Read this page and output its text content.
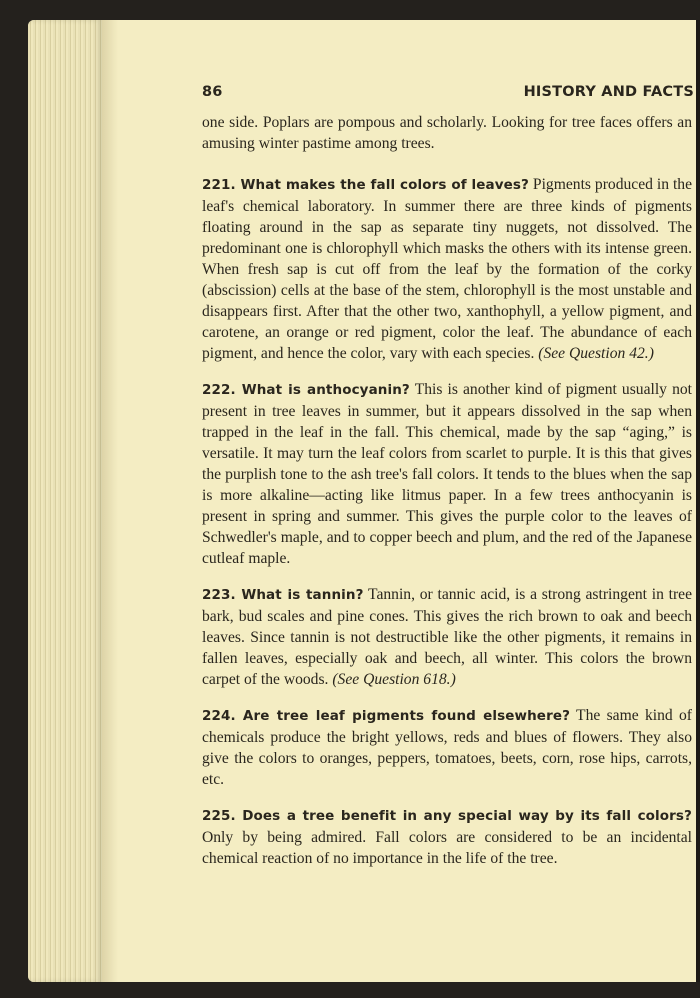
86	HISTORY AND FACTS

one side. Poplars are pompous and scholarly. Looking for tree faces offers an amusing winter pastime among trees.

221. What makes the fall colors of leaves? Pigments produced in the leaf's chemical laboratory. In summer there are three kinds of pigments floating around in the sap as separate tiny nuggets, not dissolved. The predominant one is chlorophyll which masks the others with its intense green. When fresh sap is cut off from the leaf by the formation of the corky (abscission) cells at the base of the stem, chlorophyll is the most unstable and disappears first. After that the other two, xanthophyll, a yellow pigment, and carotene, an orange or red pigment, color the leaf. The abundance of each pigment, and hence the color, vary with each species. (See Question 42.)

222. What is anthocyanin? This is another kind of pigment usually not present in tree leaves in summer, but it appears dissolved in the sap when trapped in the leaf in the fall. This chemical, made by the sap “aging,” is versatile. It may turn the leaf colors from scarlet to purple. It is this that gives the purplish tone to the ash tree's fall colors. It tends to the blues when the sap is more alkaline—acting like litmus paper. In a few trees anthocyanin is present in spring and summer. This gives the purple color to the leaves of Schwedler's maple, and to copper beech and plum, and the red of the Japanese cutleaf maple.

223. What is tannin? Tannin, or tannic acid, is a strong astringent in tree bark, bud scales and pine cones. This gives the rich brown to oak and beech leaves. Since tannin is not destructible like the other pigments, it remains in fallen leaves, especially oak and beech, all winter. This colors the brown carpet of the woods. (See Question 618.)

224. Are tree leaf pigments found elsewhere? The same kind of chemicals produce the bright yellows, reds and blues of flowers. They also give the colors to oranges, peppers, tomatoes, beets, corn, rose hips, carrots, etc.

225. Does a tree benefit in any special way by its fall colors? Only by being admired. Fall colors are considered to be an incidental chemical reaction of no importance in the life of the tree.
